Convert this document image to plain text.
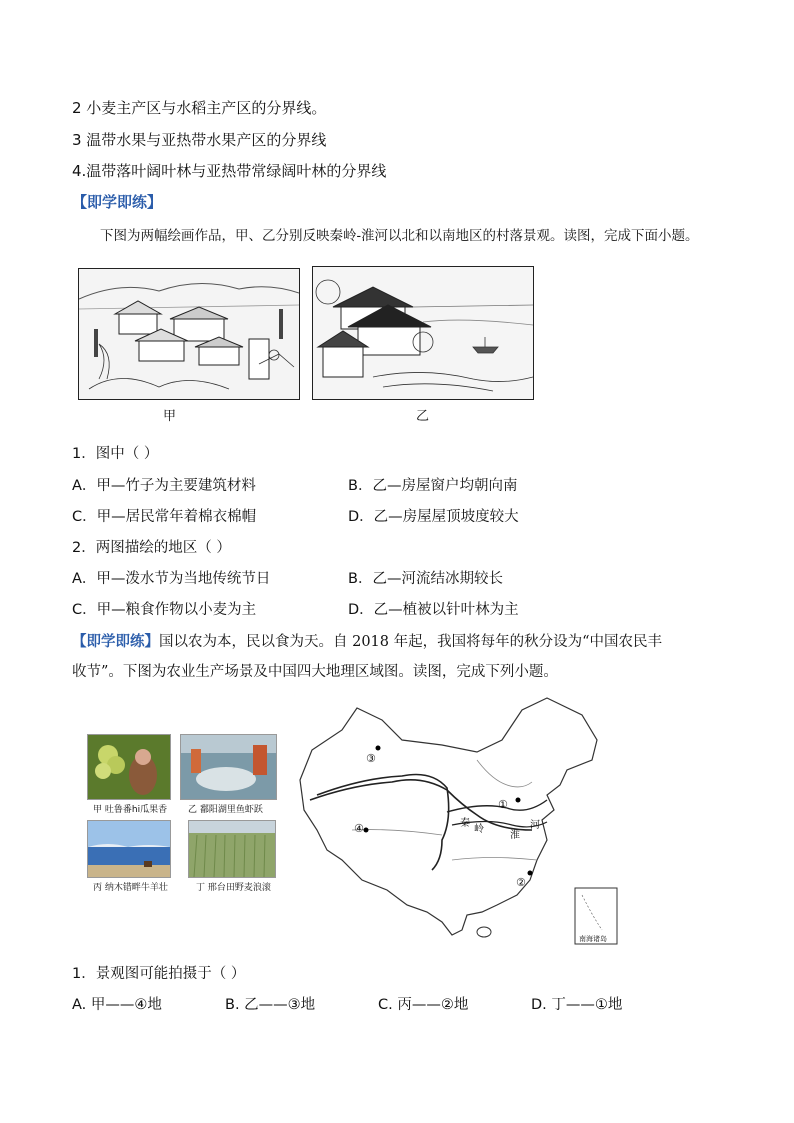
2 小麦主产区与水稻主产区的分界线。
3 温带水果与亚热带水果产区的分界线
4.温带落叶阔叶林与亚热带常绿阔叶林的分界线
【即学即练】
下图为两幅绘画作品，甲、乙分别反映秦岭-淮河以北和以南地区的村落景观。读图，完成下面小题。
甲	乙
1．图中（ ）
A．甲—竹子为主要建筑材料	B．乙—房屋窗户均朝向南
C．甲—居民常年着棉衣棉帽	D．乙—房屋屋顶坡度较大
2．两图描绘的地区（ ）
A．甲—泼水节为当地传统节日	B．乙—河流结冰期较长
C．甲—粮食作物以小麦为主	D．乙—植被以针叶林为主
【即学即练】国以农为本，民以食为天。自 2018 年起，我国将每年的秋分设为“中国农民丰
收节”。下图为农业生产场景及中国四大地理区域图。读图，完成下列小题。
甲 吐鲁番hi瓜果香 乙 鄱阳湖里鱼虾跃
丙 纳木错畔牛羊壮	丁 邢台田野麦浪滚
③
①
④
②
秦
岭
淮
河
南海诸岛
1．景观图可能拍摄于（ ）
A. 甲——④地	B. 乙——③地	C. 丙——②地	D. 丁——①地
